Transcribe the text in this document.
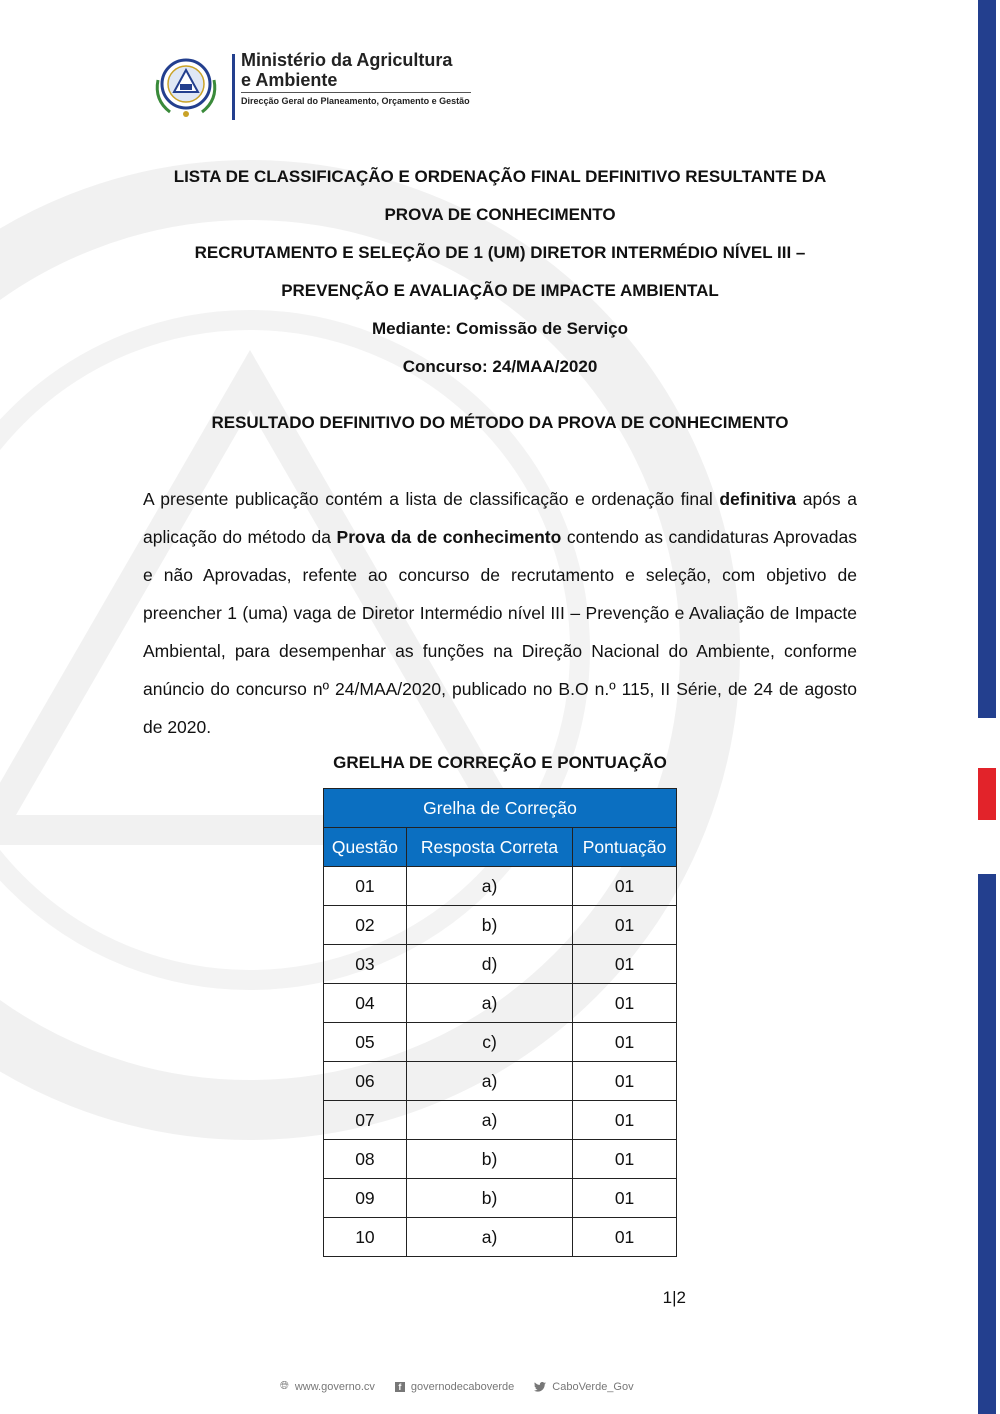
Ministério da Agricultura
e Ambiente
Direcção Geral do Planeamento, Orçamento e Gestão
LISTA DE CLASSIFICAÇÃO E ORDENAÇÃO FINAL DEFINITIVO RESULTANTE DA
PROVA DE CONHECIMENTO
RECRUTAMENTO E SELEÇÃO DE 1 (UM) DIRETOR INTERMÉDIO NÍVEL III –
PREVENÇÃO E AVALIAÇÃO DE IMPACTE AMBIENTAL
Mediante: Comissão de Serviço
Concurso: 24/MAA/2020
RESULTADO DEFINITIVO DO MÉTODO DA PROVA DE CONHECIMENTO

A presente publicação contém a lista de classificação e ordenação final definitiva após a aplicação do método da Prova da de conhecimento contendo as candidaturas Aprovadas e não Aprovadas, refente ao concurso de recrutamento e seleção, com objetivo de preencher 1 (uma) vaga de Diretor Intermédio nível III – Prevenção e Avaliação de Impacte Ambiental, para desempenhar as funções na Direção Nacional do Ambiente, conforme anúncio do concurso nº 24/MAA/2020, publicado no B.O n.º 115, II Série, de 24 de agosto de 2020.

GRELHA DE CORREÇÃO E PONTUAÇÃO
Grelha de Correção		
Questão	Resposta Correta	Pontuação
01	a)	01
02	b)	01
03	d)	01
04	a)	01
05	c)	01
06	a)	01
07	a)	01
08	b)	01
09	b)	01
10	a)	01
1|2
🌐︎ www.governo.cv	f governodecaboverde	CaboVerde_Gov
